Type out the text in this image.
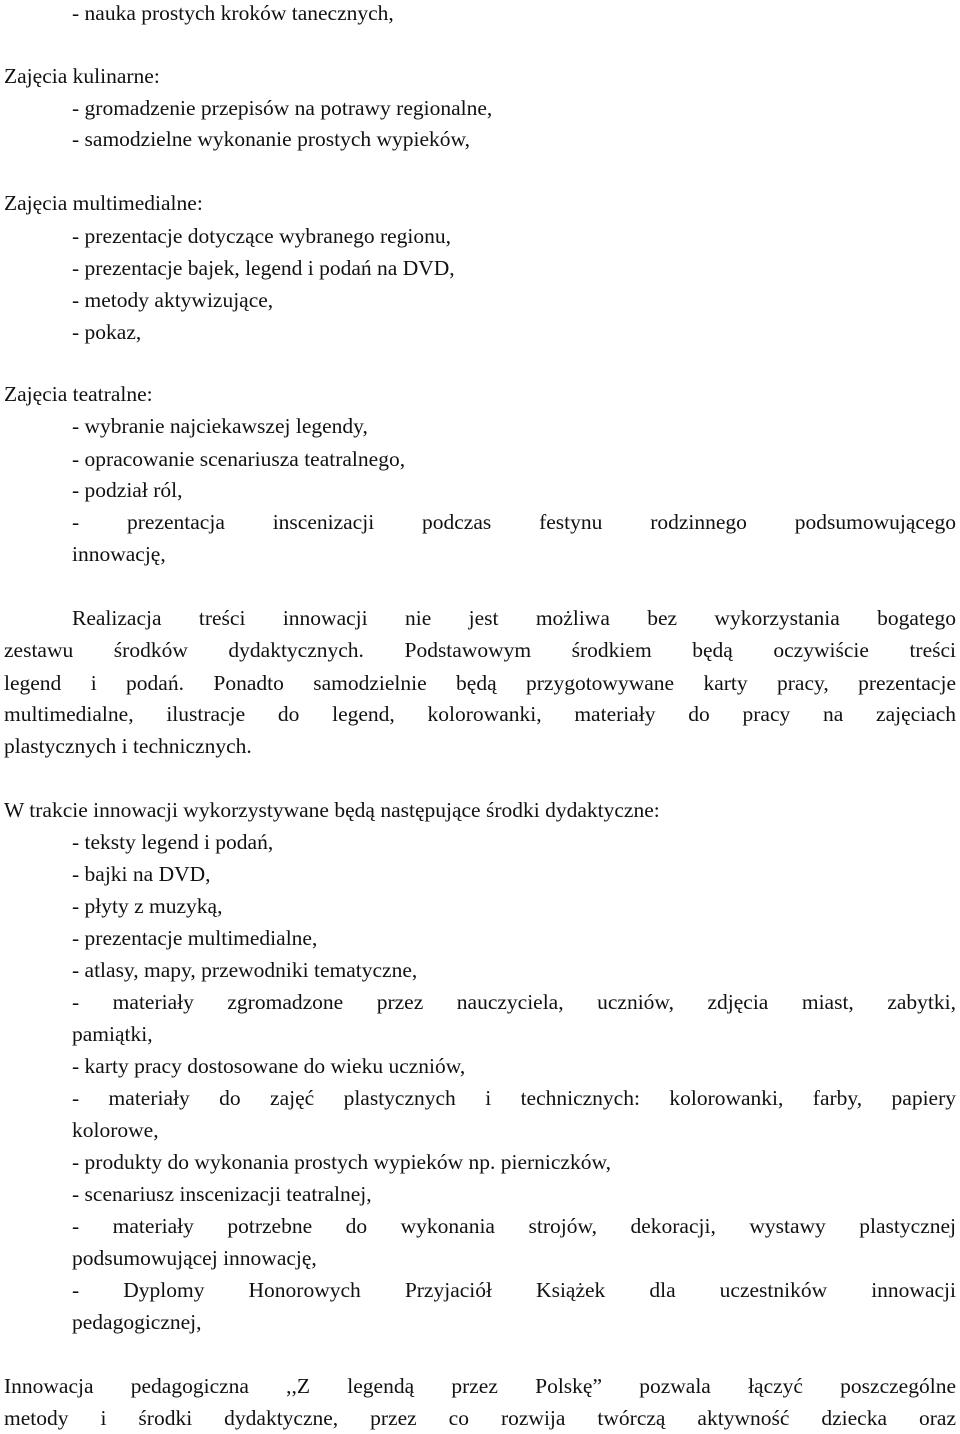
- nauka prostych kroków tanecznych,
Zajęcia kulinarne:
- gromadzenie przepisów na potrawy regionalne,
- samodzielne wykonanie prostych wypieków,
Zajęcia multimedialne:
- prezentacje dotyczące wybranego regionu,
- prezentacje bajek, legend i podań na DVD,
- metody aktywizujące,
- pokaz,
Zajęcia teatralne:
- wybranie najciekawszej legendy,
- opracowanie scenariusza teatralnego,
- podział ról,
- prezentacja inscenizacji podczas festynu rodzinnego podsumowującego
innowację,
Realizacja treści innowacji nie jest możliwa bez wykorzystania bogatego
zestawu środków dydaktycznych. Podstawowym środkiem będą oczywiście treści
legend i podań. Ponadto samodzielnie będą przygotowywane karty pracy, prezentacje
multimedialne, ilustracje do legend, kolorowanki, materiały do pracy na zajęciach
plastycznych i technicznych.
W trakcie innowacji wykorzystywane będą następujące środki dydaktyczne:
- teksty legend i podań,
- bajki na DVD,
- płyty z muzyką,
- prezentacje multimedialne,
- atlasy, mapy, przewodniki tematyczne,
- materiały zgromadzone przez nauczyciela, uczniów, zdjęcia miast, zabytki,
pamiątki,
- karty pracy dostosowane do wieku uczniów,
- materiały do zajęć plastycznych i technicznych: kolorowanki, farby, papiery
kolorowe,
- produkty do wykonania prostych wypieków np. pierniczków,
- scenariusz inscenizacji teatralnej,
- materiały potrzebne do wykonania strojów, dekoracji, wystawy plastycznej
podsumowującej innowację,
- Dyplomy Honorowych Przyjaciół Książek dla uczestników innowacji
pedagogicznej,
Innowacja pedagogiczna ,,Z legendą przez Polskę” pozwala łączyć poszczególne
metody i środki dydaktyczne, przez co rozwija twórczą aktywność dziecka oraz
